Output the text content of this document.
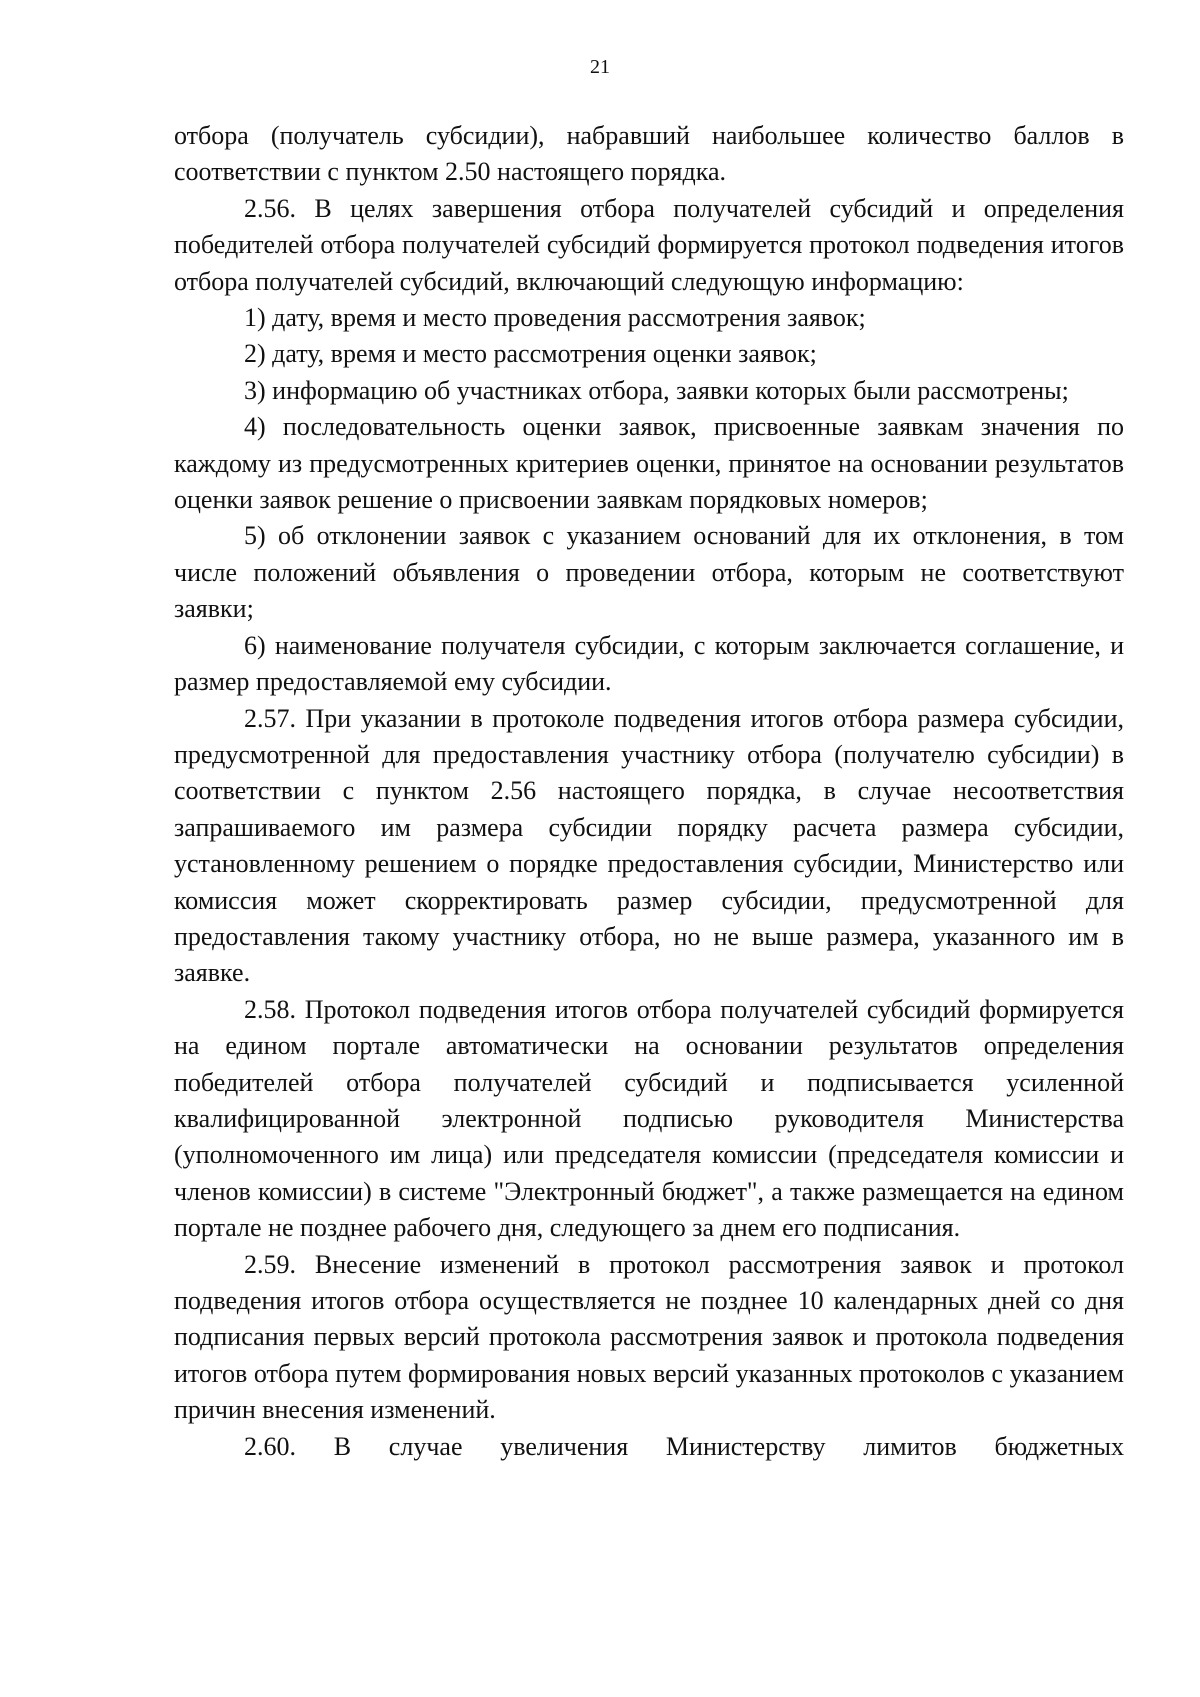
21

отбора (получатель субсидии), набравший наибольшее количество баллов в соответствии с пунктом 2.50 настоящего порядка.

2.56. В целях завершения отбора получателей субсидий и определения победителей отбора получателей субсидий формируется протокол подведения итогов отбора получателей субсидий, включающий следующую информацию:

1) дату, время и место проведения рассмотрения заявок;

2) дату, время и место рассмотрения оценки заявок;

3) информацию об участниках отбора, заявки которых были рассмотрены;

4) последовательность оценки заявок, присвоенные заявкам значения по каждому из предусмотренных критериев оценки, принятое на основании результатов оценки заявок решение о присвоении заявкам порядковых номеров;

5) об отклонении заявок с указанием оснований для их отклонения, в том числе положений объявления о проведении отбора, которым не соответствуют заявки;

6) наименование получателя субсидии, с которым заключается соглашение, и размер предоставляемой ему субсидии.

2.57. При указании в протоколе подведения итогов отбора размера субсидии, предусмотренной для предоставления участнику отбора (получателю субсидии) в соответствии с пунктом 2.56 настоящего порядка, в случае несоответствия запрашиваемого им размера субсидии порядку расчета размера субсидии, установленному решением о порядке предоставления субсидии, Министерство или комиссия может скорректировать размер субсидии, предусмотренной для предоставления такому участнику отбора, но не выше размера, указанного им в заявке.

2.58. Протокол подведения итогов отбора получателей субсидий формируется на едином портале автоматически на основании результатов определения победителей отбора получателей субсидий и подписывается усиленной квалифицированной электронной подписью руководителя Министерства (уполномоченного им лица) или председателя комиссии (председателя комиссии и членов комиссии) в системе "Электронный бюджет", а также размещается на едином портале не позднее рабочего дня, следующего за днем его подписания.

2.59. Внесение изменений в протокол рассмотрения заявок и протокол подведения итогов отбора осуществляется не позднее 10 календарных дней со дня подписания первых версий протокола рассмотрения заявок и протокола подведения итогов отбора путем формирования новых версий указанных протоколов с указанием причин внесения изменений.

2.60. В случае увеличения Министерству лимитов бюджетных
